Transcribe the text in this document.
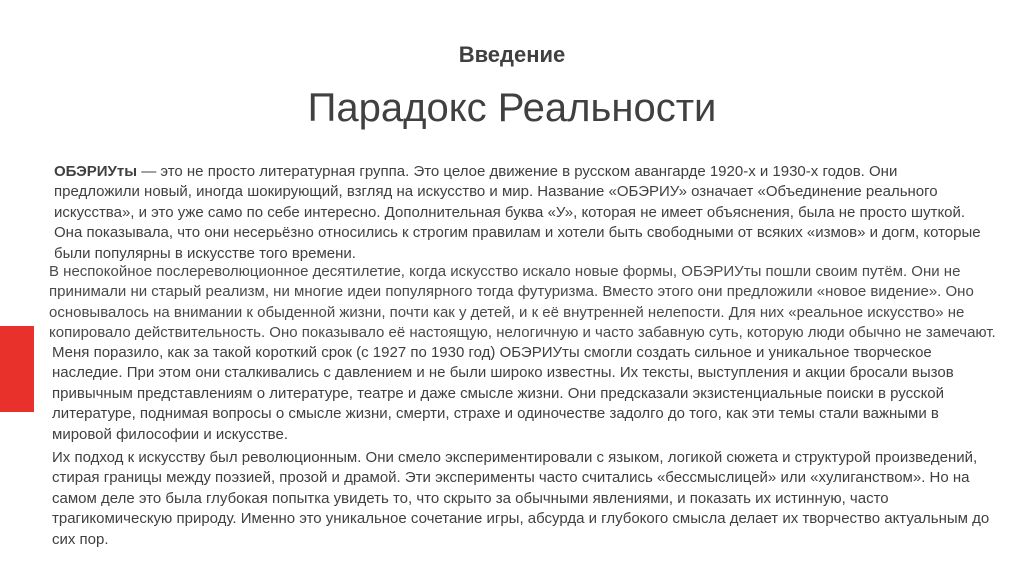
Введение
Парадокс Реальности
ОБЭРИУты — это не просто литературная группа. Это целое движение в русском авангарде 1920-х и 1930-х годов. Они предложили новый, иногда шокирующий, взгляд на искусство и мир. Название «ОБЭРИУ» означает «Объединение реального искусства», и это уже само по себе интересно. Дополнительная буква «У», которая не имеет объяснения, была не просто шуткой. Она показывала, что они несерьёзно относились к строгим правилам и хотели быть свободными от всяких «измов» и догм, которые были популярны в искусстве того времени.
В неспокойное послереволюционное десятилетие, когда искусство искало новые формы, ОБЭРИУты пошли своим путём. Они не принимали ни старый реализм, ни многие идеи популярного тогда футуризма. Вместо этого они предложили «новое видение». Оно основывалось на внимании к обыденной жизни, почти как у детей, и к её внутренней нелепости. Для них «реальное искусство» не копировало действительность. Оно показывало её настоящую, нелогичную и часто забавную суть, которую люди обычно не замечают.
Меня поразило, как за такой короткий срок (с 1927 по 1930 год) ОБЭРИУты смогли создать сильное и уникальное творческое наследие. При этом они сталкивались с давлением и не были широко известны. Их тексты, выступления и акции бросали вызов привычным представлениям о литературе, театре и даже смысле жизни. Они предсказали экзистенциальные поиски в русской литературе, поднимая вопросы о смысле жизни, смерти, страхе и одиночестве задолго до того, как эти темы стали важными в мировой философии и искусстве.
Их подход к искусству был революционным. Они смело экспериментировали с языком, логикой сюжета и структурой произведений, стирая границы между поэзией, прозой и драмой. Эти эксперименты часто считались «бессмыслицей» или «хулиганством». Но на самом деле это была глубокая попытка увидеть то, что скрыто за обычными явлениями, и показать их истинную, часто трагикомическую природу. Именно это уникальное сочетание игры, абсурда и глубокого смысла делает их творчество актуальным до сих пор.
